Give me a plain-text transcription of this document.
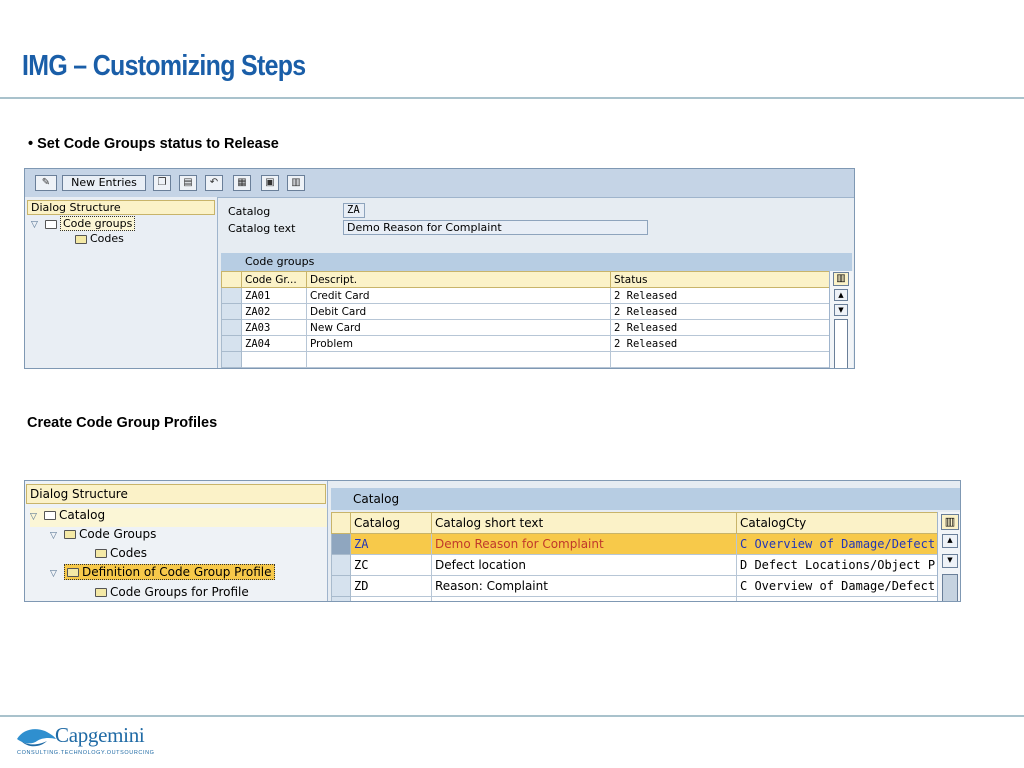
IMG – Customizing Steps
• Set Code Groups status to Release
✎	New Entries	❐	▤	↶	▦	▣	▥
Dialog Structure
▽ Code groups
Codes
Catalog	ZA
Catalog text	Demo Reason for Complaint
Code groups
	Code Gr...	Descript.	Status
	ZA01	Credit Card	2 Released
	ZA02	Debit Card	2 Released
	ZA03	New Card	2 Released
	ZA04	Problem	2 Released

▥
▲
▼
Create Code Group Profiles
Dialog Structure
▽ Catalog
▽ Code Groups
Codes
▽ Definition of Code Group Profile
Code Groups for Profile
Catalog
	Catalog	Catalog short text	CatalogCty
	ZA	Demo Reason for Complaint	C Overview of Damage/Defect
	ZC	Defect location	D Defect Locations/Object P
	ZD	Reason: Complaint	C Overview of Damage/Defect

▥
▲
▼
Capgemini
CONSULTING.TECHNOLOGY.OUTSOURCING
